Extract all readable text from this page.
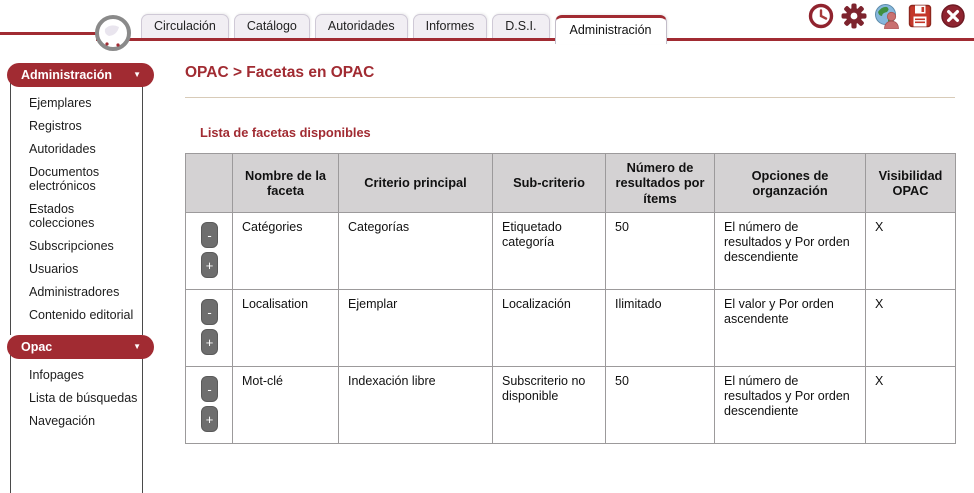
Circulación	Catálogo	Autoridades	Informes	D.S.I.	Administración
Administración	▼
Ejemplares
Registros
Autoridades
Documentos electrónicos
Estados colecciones
Subscripciones
Usuarios
Administradores
Contenido editorial
Opac	▼
Infopages
Lista de búsquedas
Navegación
OPAC > Facetas en OPAC
Lista de facetas disponibles
	Nombre de la faceta	Criterio principal	Sub-criterio	Número de resultados por ítems	Opciones de organzación	Visibilidad OPAC

-
+	Catégories	Categorías	Etiquetado categoría	50	El número de resultados y Por orden descendiente	X

-
+	Localisation	Ejemplar	Localización	Ilimitado	El valor y Por orden ascendente	X

-
+	Mot-clé	Indexación libre	Subscriterio no disponible	50	El número de resultados y Por orden descendiente	X
